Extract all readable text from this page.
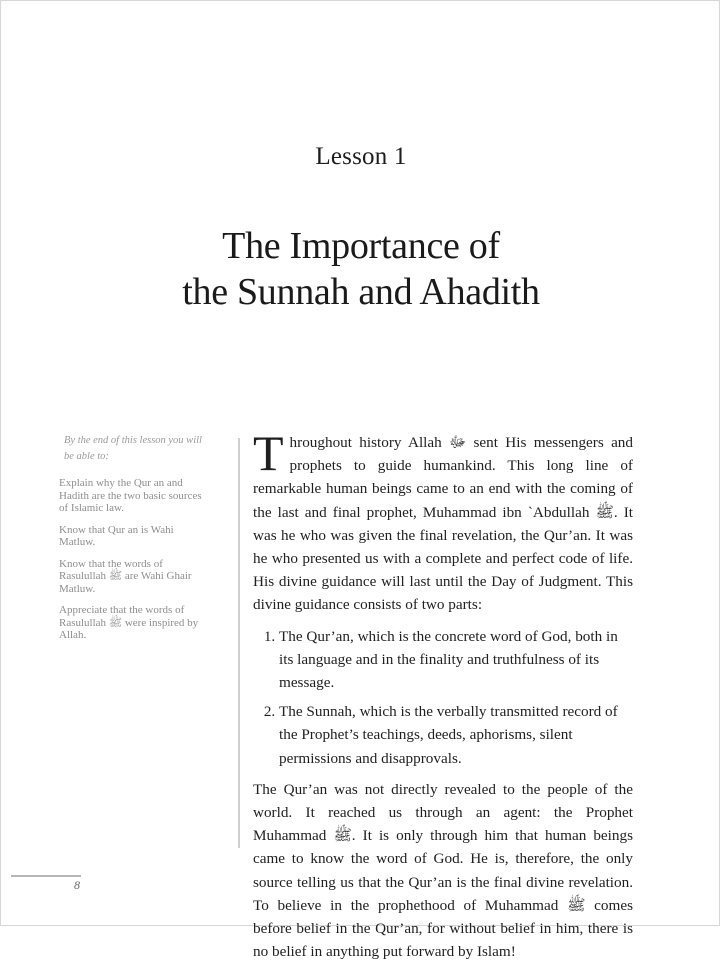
Lesson 1
The Importance of
the Sunnah and Ahadith
By the end of this lesson you will be able to:
Explain why the Qur an and Hadith are the two basic sources of Islamic law.
Know that Qur an is Wahi Matluw.
Know that the words of Rasulullah ﷺ are Wahi Ghair Matluw.
Appreciate that the words of Rasulullah ﷺ were inspired by Allah.

Throughout history Allah ﷻ sent His messengers and prophets to guide humankind. This long line of remarkable human beings came to an end with the coming of the last and final prophet, Muhammad ibn `Abdullah ﷺ. It was he who was given the final revelation, the Qur’an. It was he who presented us with a complete and perfect code of life. His divine guidance will last until the Day of Judgment. This divine guidance consists of two parts:

1. The Qur’an, which is the concrete word of God, both in its language and in the finality and truthfulness of its message.
2. The Sunnah, which is the verbally transmitted record of the Prophet’s teachings, deeds, aphorisms, silent permissions and disapprovals.

The Qur’an was not directly revealed to the people of the world. It reached us through an agent: the Prophet Muhammad ﷺ. It is only through him that human beings came to know the word of God. He is, therefore, the only source telling us that the Qur’an is the final divine revelation. To believe in the prophethood of Muhammad ﷺ comes before belief in the Qur’an, for without belief in him, there is no belief in anything put forward by Islam!

8
